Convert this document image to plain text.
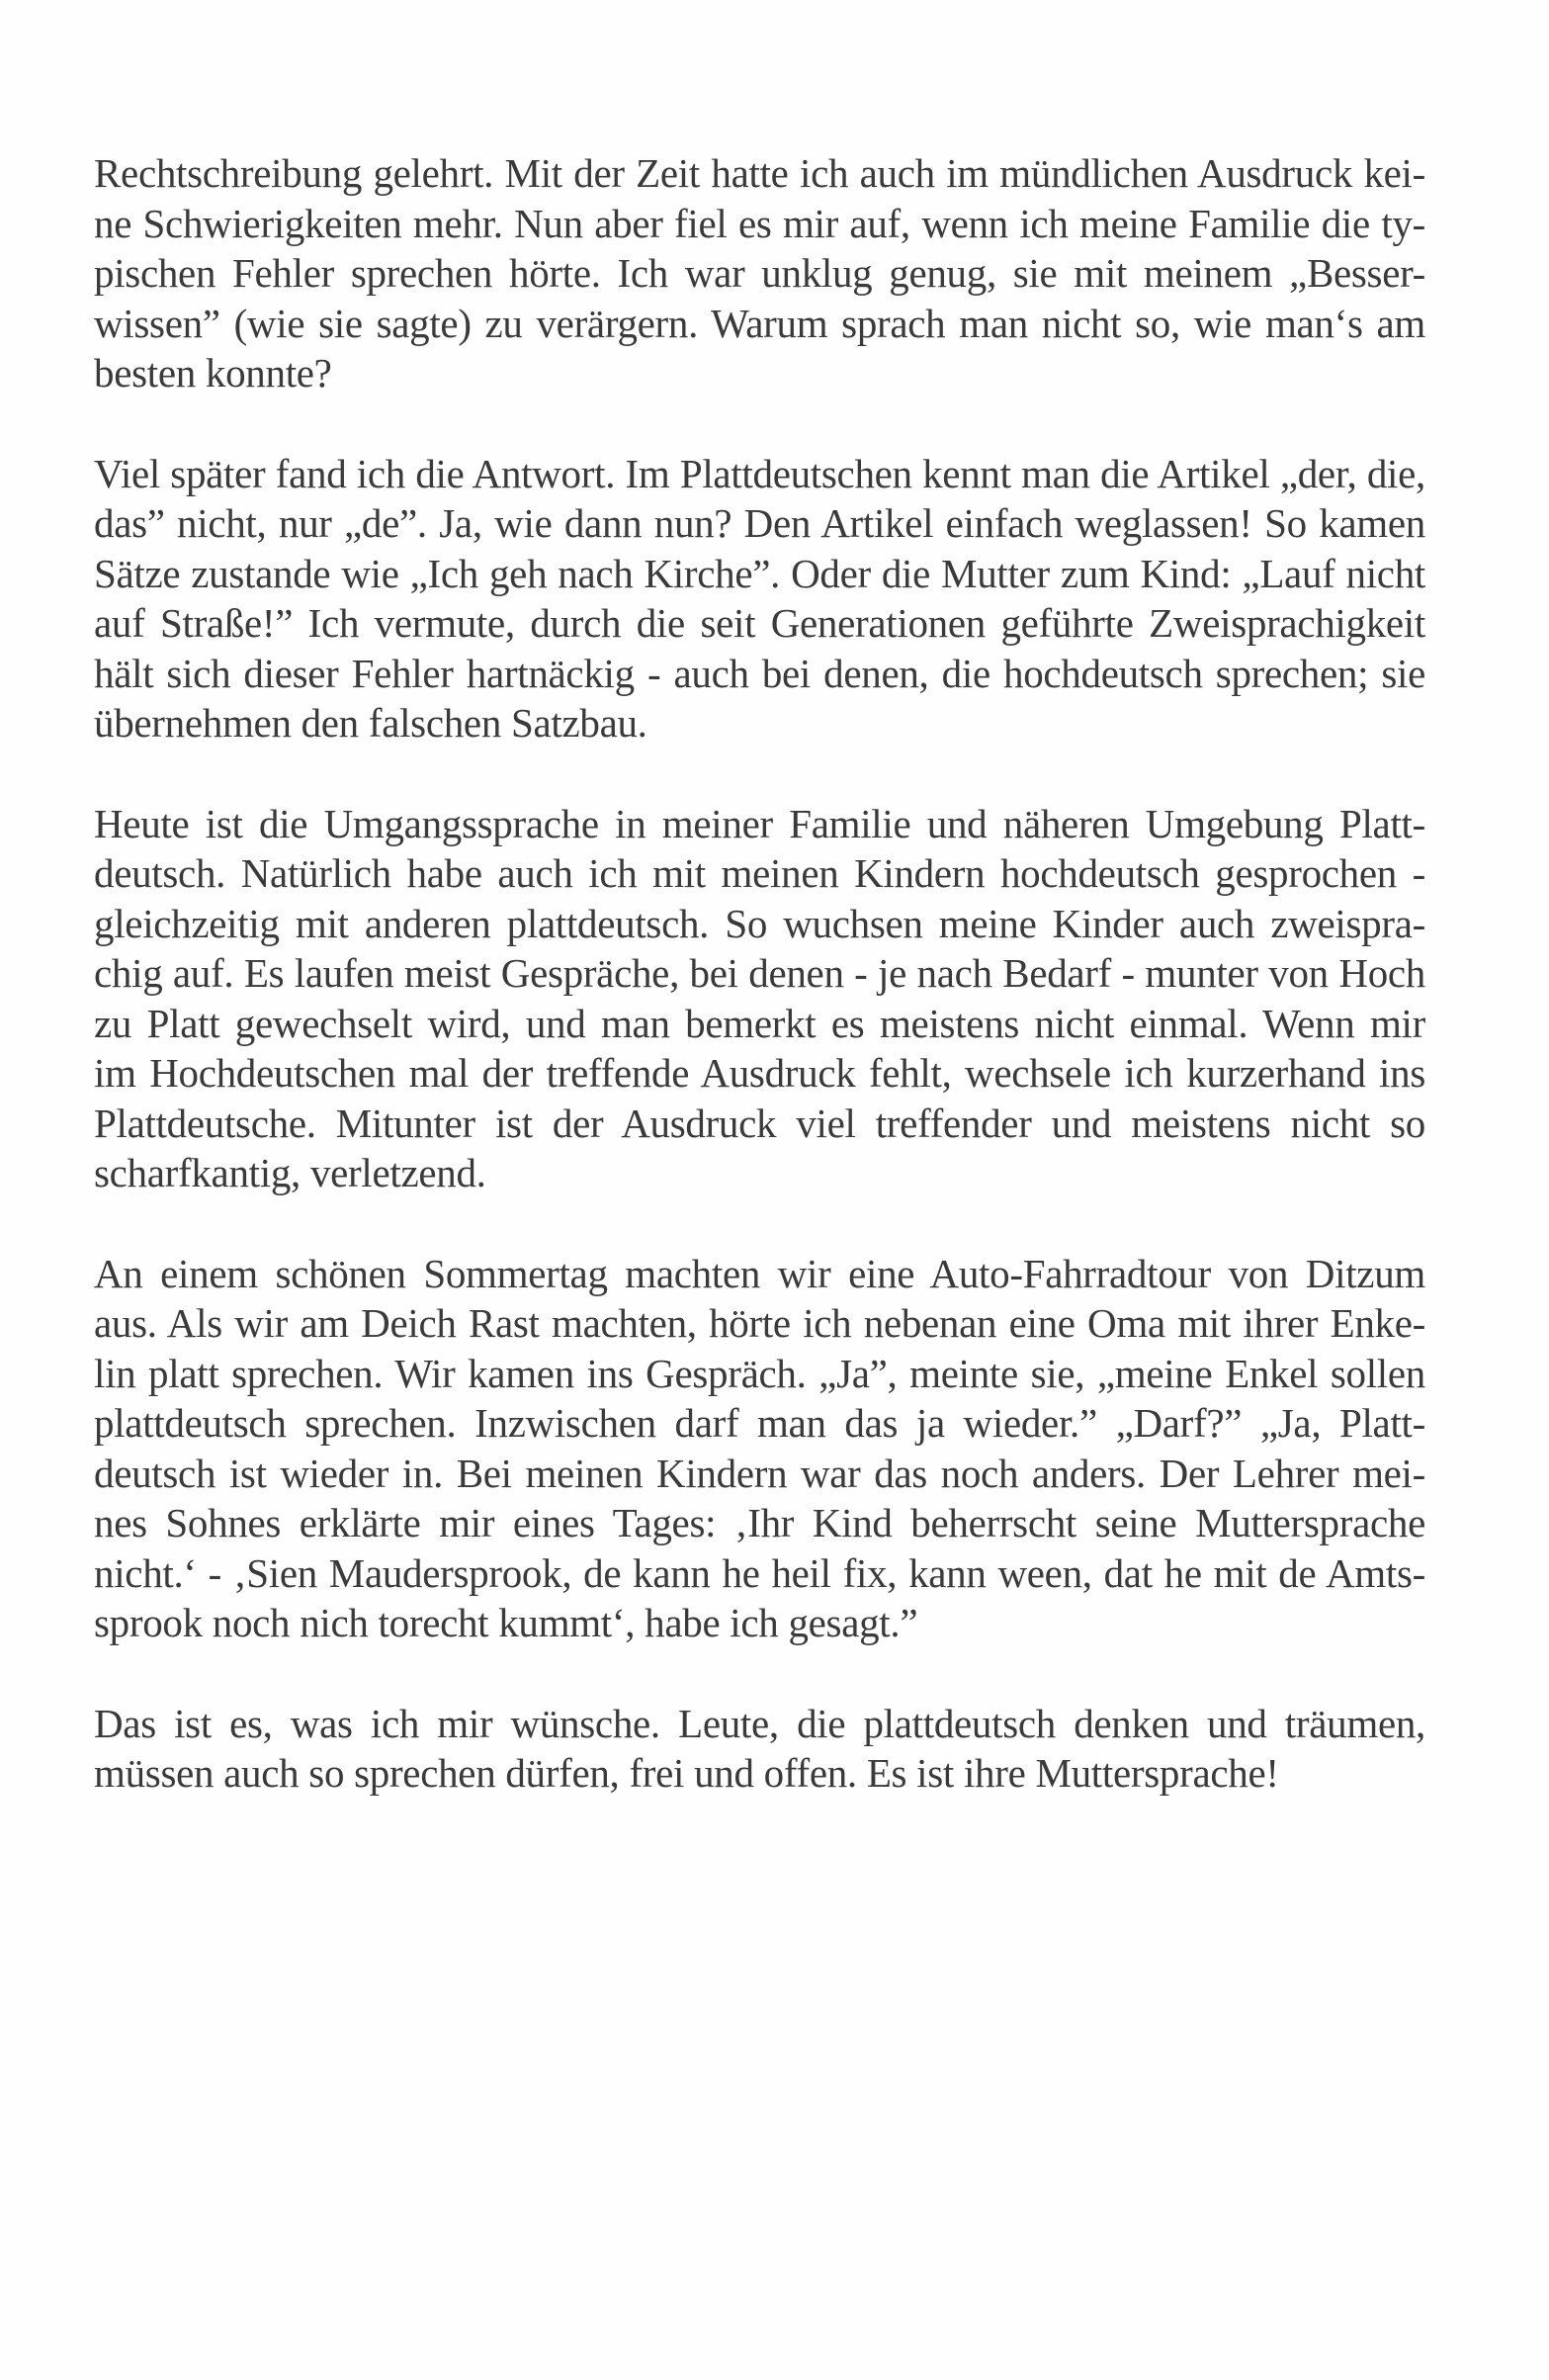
Rechtschreibung gelehrt. Mit der Zeit hatte ich auch im mündlichen Ausdruck kei-
ne Schwierigkeiten mehr. Nun aber fiel es mir auf, wenn ich meine Familie die ty-
pischen Fehler sprechen hörte. Ich war unklug genug, sie mit meinem „Besser-
wissen” (wie sie sagte) zu verärgern. Warum sprach man nicht so, wie man‘s am
besten konnte?
Viel später fand ich die Antwort. Im Plattdeutschen kennt man die Artikel „der, die,
das” nicht, nur „de”. Ja, wie dann nun? Den Artikel einfach weglassen! So kamen
Sätze zustande wie „Ich geh nach Kirche”. Oder die Mutter zum Kind: „Lauf nicht
auf Straße!” Ich vermute, durch die seit Generationen geführte Zweisprachigkeit
hält sich dieser Fehler hartnäckig - auch bei denen, die hochdeutsch sprechen; sie
übernehmen den falschen Satzbau.
Heute ist die Umgangssprache in meiner Familie und näheren Umgebung Platt-
deutsch. Natürlich habe auch ich mit meinen Kindern hochdeutsch gesprochen -
gleichzeitig mit anderen plattdeutsch. So wuchsen meine Kinder auch zweispra-
chig auf. Es laufen meist Gespräche, bei denen - je nach Bedarf - munter von Hoch
zu Platt gewechselt wird, und man bemerkt es meistens nicht einmal. Wenn mir
im Hochdeutschen mal der treffende Ausdruck fehlt, wechsele ich kurzerhand ins
Plattdeutsche. Mitunter ist der Ausdruck viel treffender und meistens nicht so
scharfkantig, verletzend.
An einem schönen Sommertag machten wir eine Auto-Fahrradtour von Ditzum
aus. Als wir am Deich Rast machten, hörte ich nebenan eine Oma mit ihrer Enke-
lin platt sprechen. Wir kamen ins Gespräch. „Ja”, meinte sie, „meine Enkel sollen
plattdeutsch sprechen. Inzwischen darf man das ja wieder.” „Darf?” „Ja, Platt-
deutsch ist wieder in. Bei meinen Kindern war das noch anders. Der Lehrer mei-
nes Sohnes erklärte mir eines Tages: ‚Ihr Kind beherrscht seine Muttersprache
nicht.‘ - ‚Sien Maudersprook, de kann he heil fix, kann ween, dat he mit de Amts-
sprook noch nich torecht kummt‘, habe ich gesagt.”
Das ist es, was ich mir wünsche. Leute, die plattdeutsch denken und träumen,
müssen auch so sprechen dürfen, frei und offen. Es ist ihre Muttersprache!
